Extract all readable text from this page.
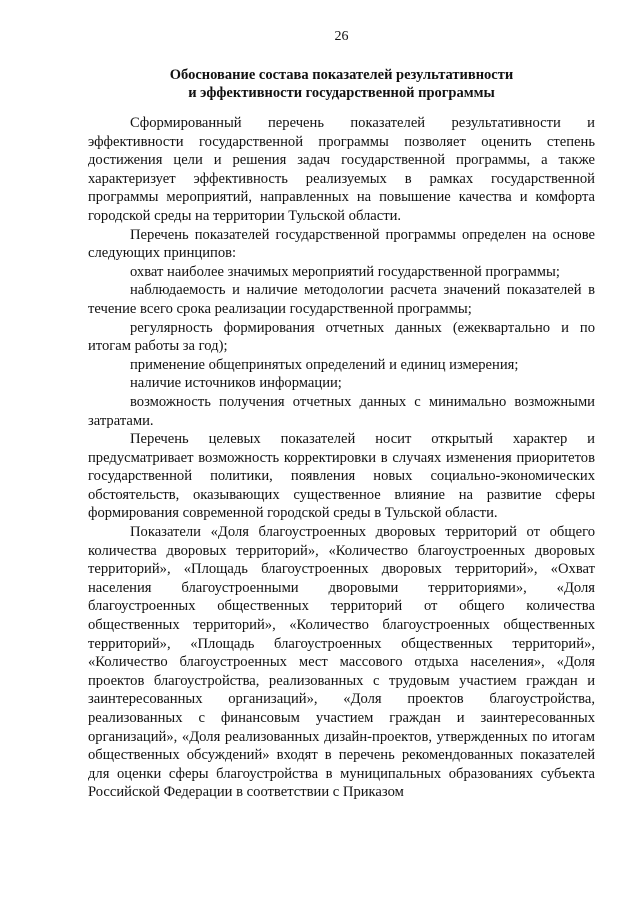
26
Обоснование состава показателей результативности
и эффективности государственной программы

Сформированный перечень показателей результативности и эффективности государственной программы позволяет оценить степень достижения цели и решения задач государственной программы, а также характеризует эффективность реализуемых в рамках государственной программы мероприятий, направленных на повышение качества и комфорта городской среды на территории Тульской области.

Перечень показателей государственной программы определен на основе следующих принципов:

охват наиболее значимых мероприятий государственной программы;

наблюдаемость и наличие методологии расчета значений показателей в течение всего срока реализации государственной программы;

регулярность формирования отчетных данных (ежеквартально и по итогам работы за год);

применение общепринятых определений и единиц измерения;

наличие источников информации;

возможность получения отчетных данных с минимально возможными затратами.

Перечень целевых показателей носит открытый характер и предусматривает возможность корректировки в случаях изменения приоритетов государственной политики, появления новых социально-экономических обстоятельств, оказывающих существенное влияние на развитие сферы формирования современной городской среды в Тульской области.

Показатели «Доля благоустроенных дворовых территорий от общего количества дворовых территорий», «Количество благоустроенных дворовых территорий», «Площадь благоустроенных дворовых территорий», «Охват населения благоустроенными дворовыми территориями», «Доля благоустроенных общественных территорий от общего количества общественных территорий», «Количество благоустроенных общественных территорий», «Площадь благоустроенных общественных территорий», «Количество благоустроенных мест массового отдыха населения», «Доля проектов благоустройства, реализованных с трудовым участием граждан и заинтересованных организаций», «Доля проектов благоустройства, реализованных с финансовым участием граждан и заинтересованных организаций», «Доля реализованных дизайн-проектов, утвержденных по итогам общественных обсуждений» входят в перечень рекомендованных показателей для оценки сферы благоустройства в муниципальных образованиях субъекта Российской Федерации в соответствии с Приказом
